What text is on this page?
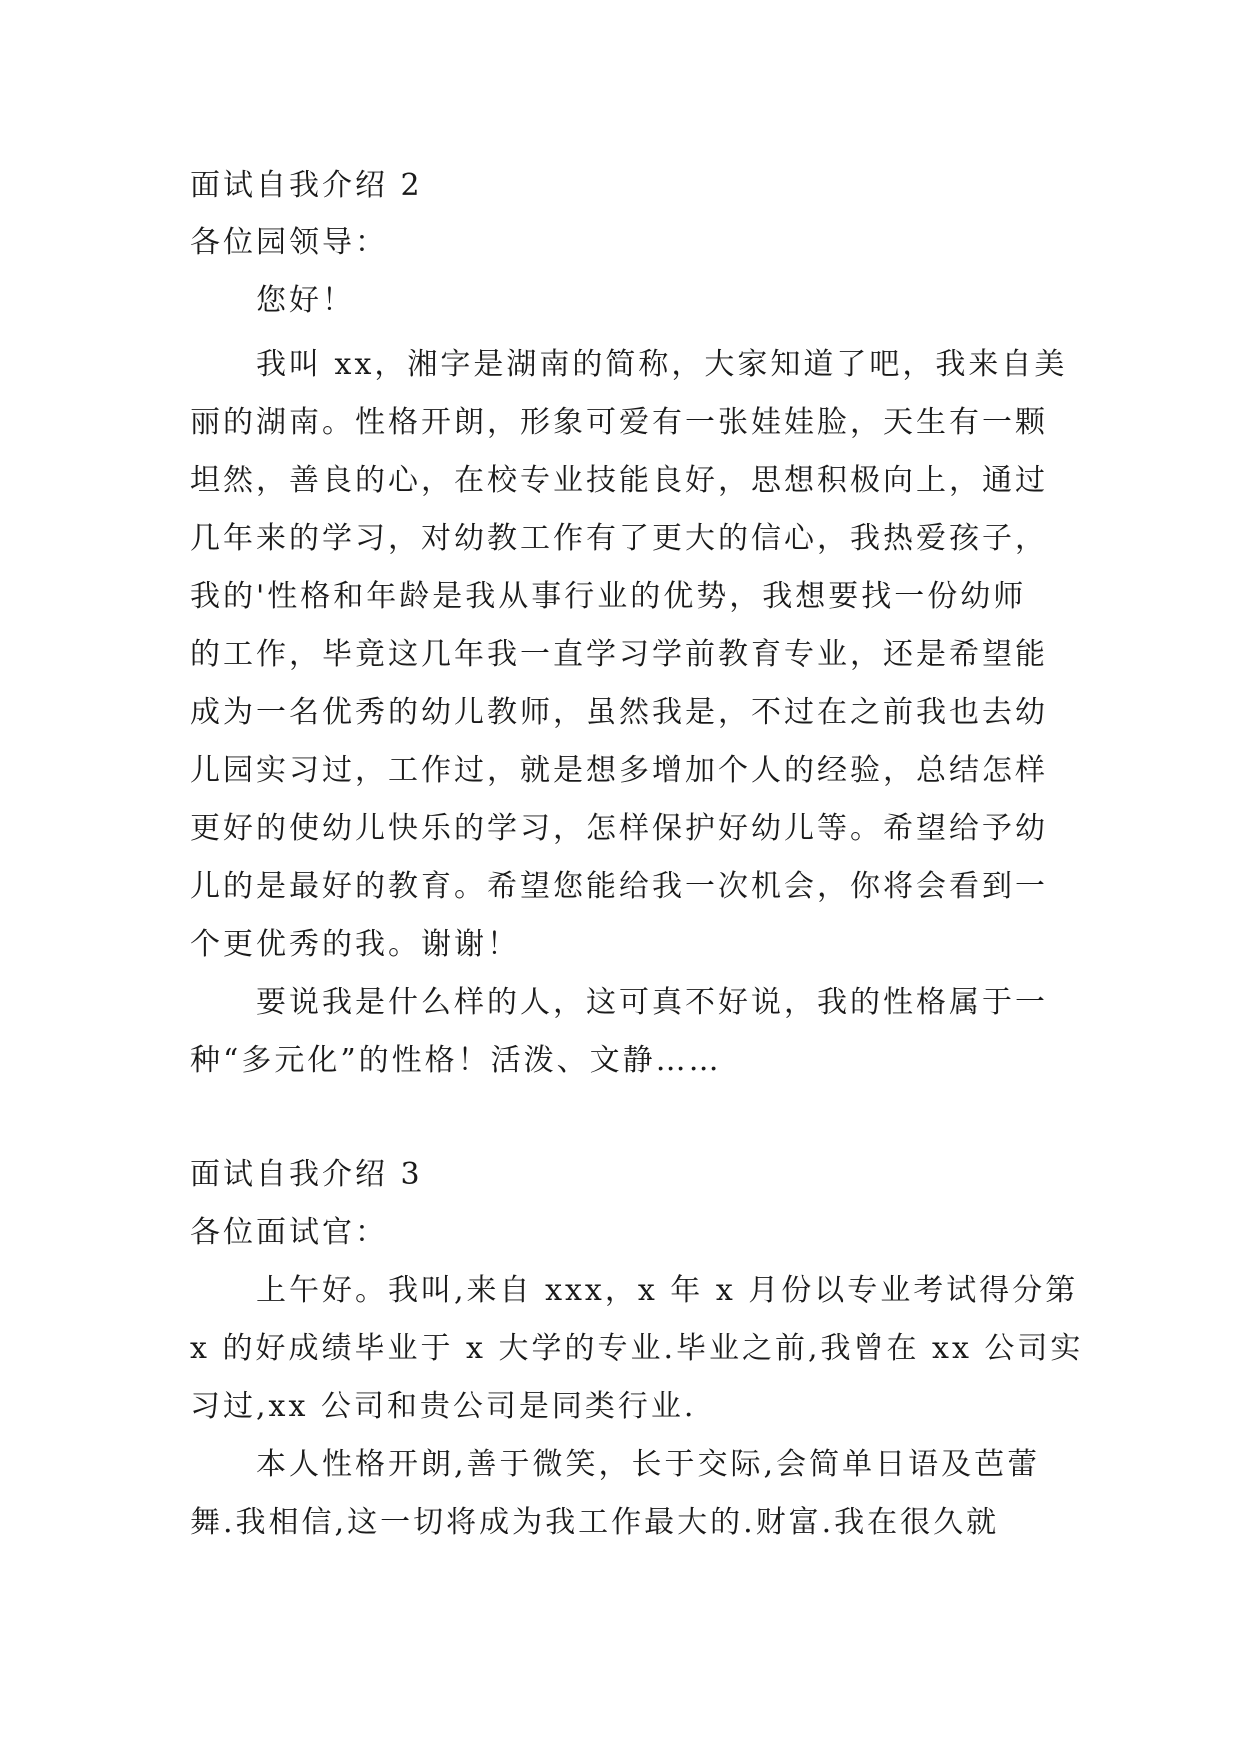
面试自我介绍 2
各位园领导：
您好！
我叫 xx，湘字是湖南的简称，大家知道了吧，我来自美
丽的湖南。性格开朗，形象可爱有一张娃娃脸，天生有一颗
坦然，善良的心，在校专业技能良好，思想积极向上，通过
几年来的学习，对幼教工作有了更大的信心，我热爱孩子，
我的'性格和年龄是我从事行业的优势，我想要找一份幼师
的工作，毕竟这几年我一直学习学前教育专业，还是希望能
成为一名优秀的幼儿教师，虽然我是，不过在之前我也去幼
儿园实习过，工作过，就是想多增加个人的经验，总结怎样
更好的使幼儿快乐的学习，怎样保护好幼儿等。希望给予幼
儿的是最好的教育。希望您能给我一次机会，你将会看到一
个更优秀的我。谢谢！
要说我是什么样的人，这可真不好说，我的性格属于一
种“多元化”的性格！活泼、文静……
面试自我介绍 3
各位面试官：
上午好。我叫,来自 xxx，x 年 x 月份以专业考试得分第
x 的好成绩毕业于 x 大学的专业.毕业之前,我曾在 xx 公司实
习过,xx 公司和贵公司是同类行业.
本人性格开朗,善于微笑，长于交际,会简单日语及芭蕾
舞.我相信,这一切将成为我工作最大的.财富.我在很久就
